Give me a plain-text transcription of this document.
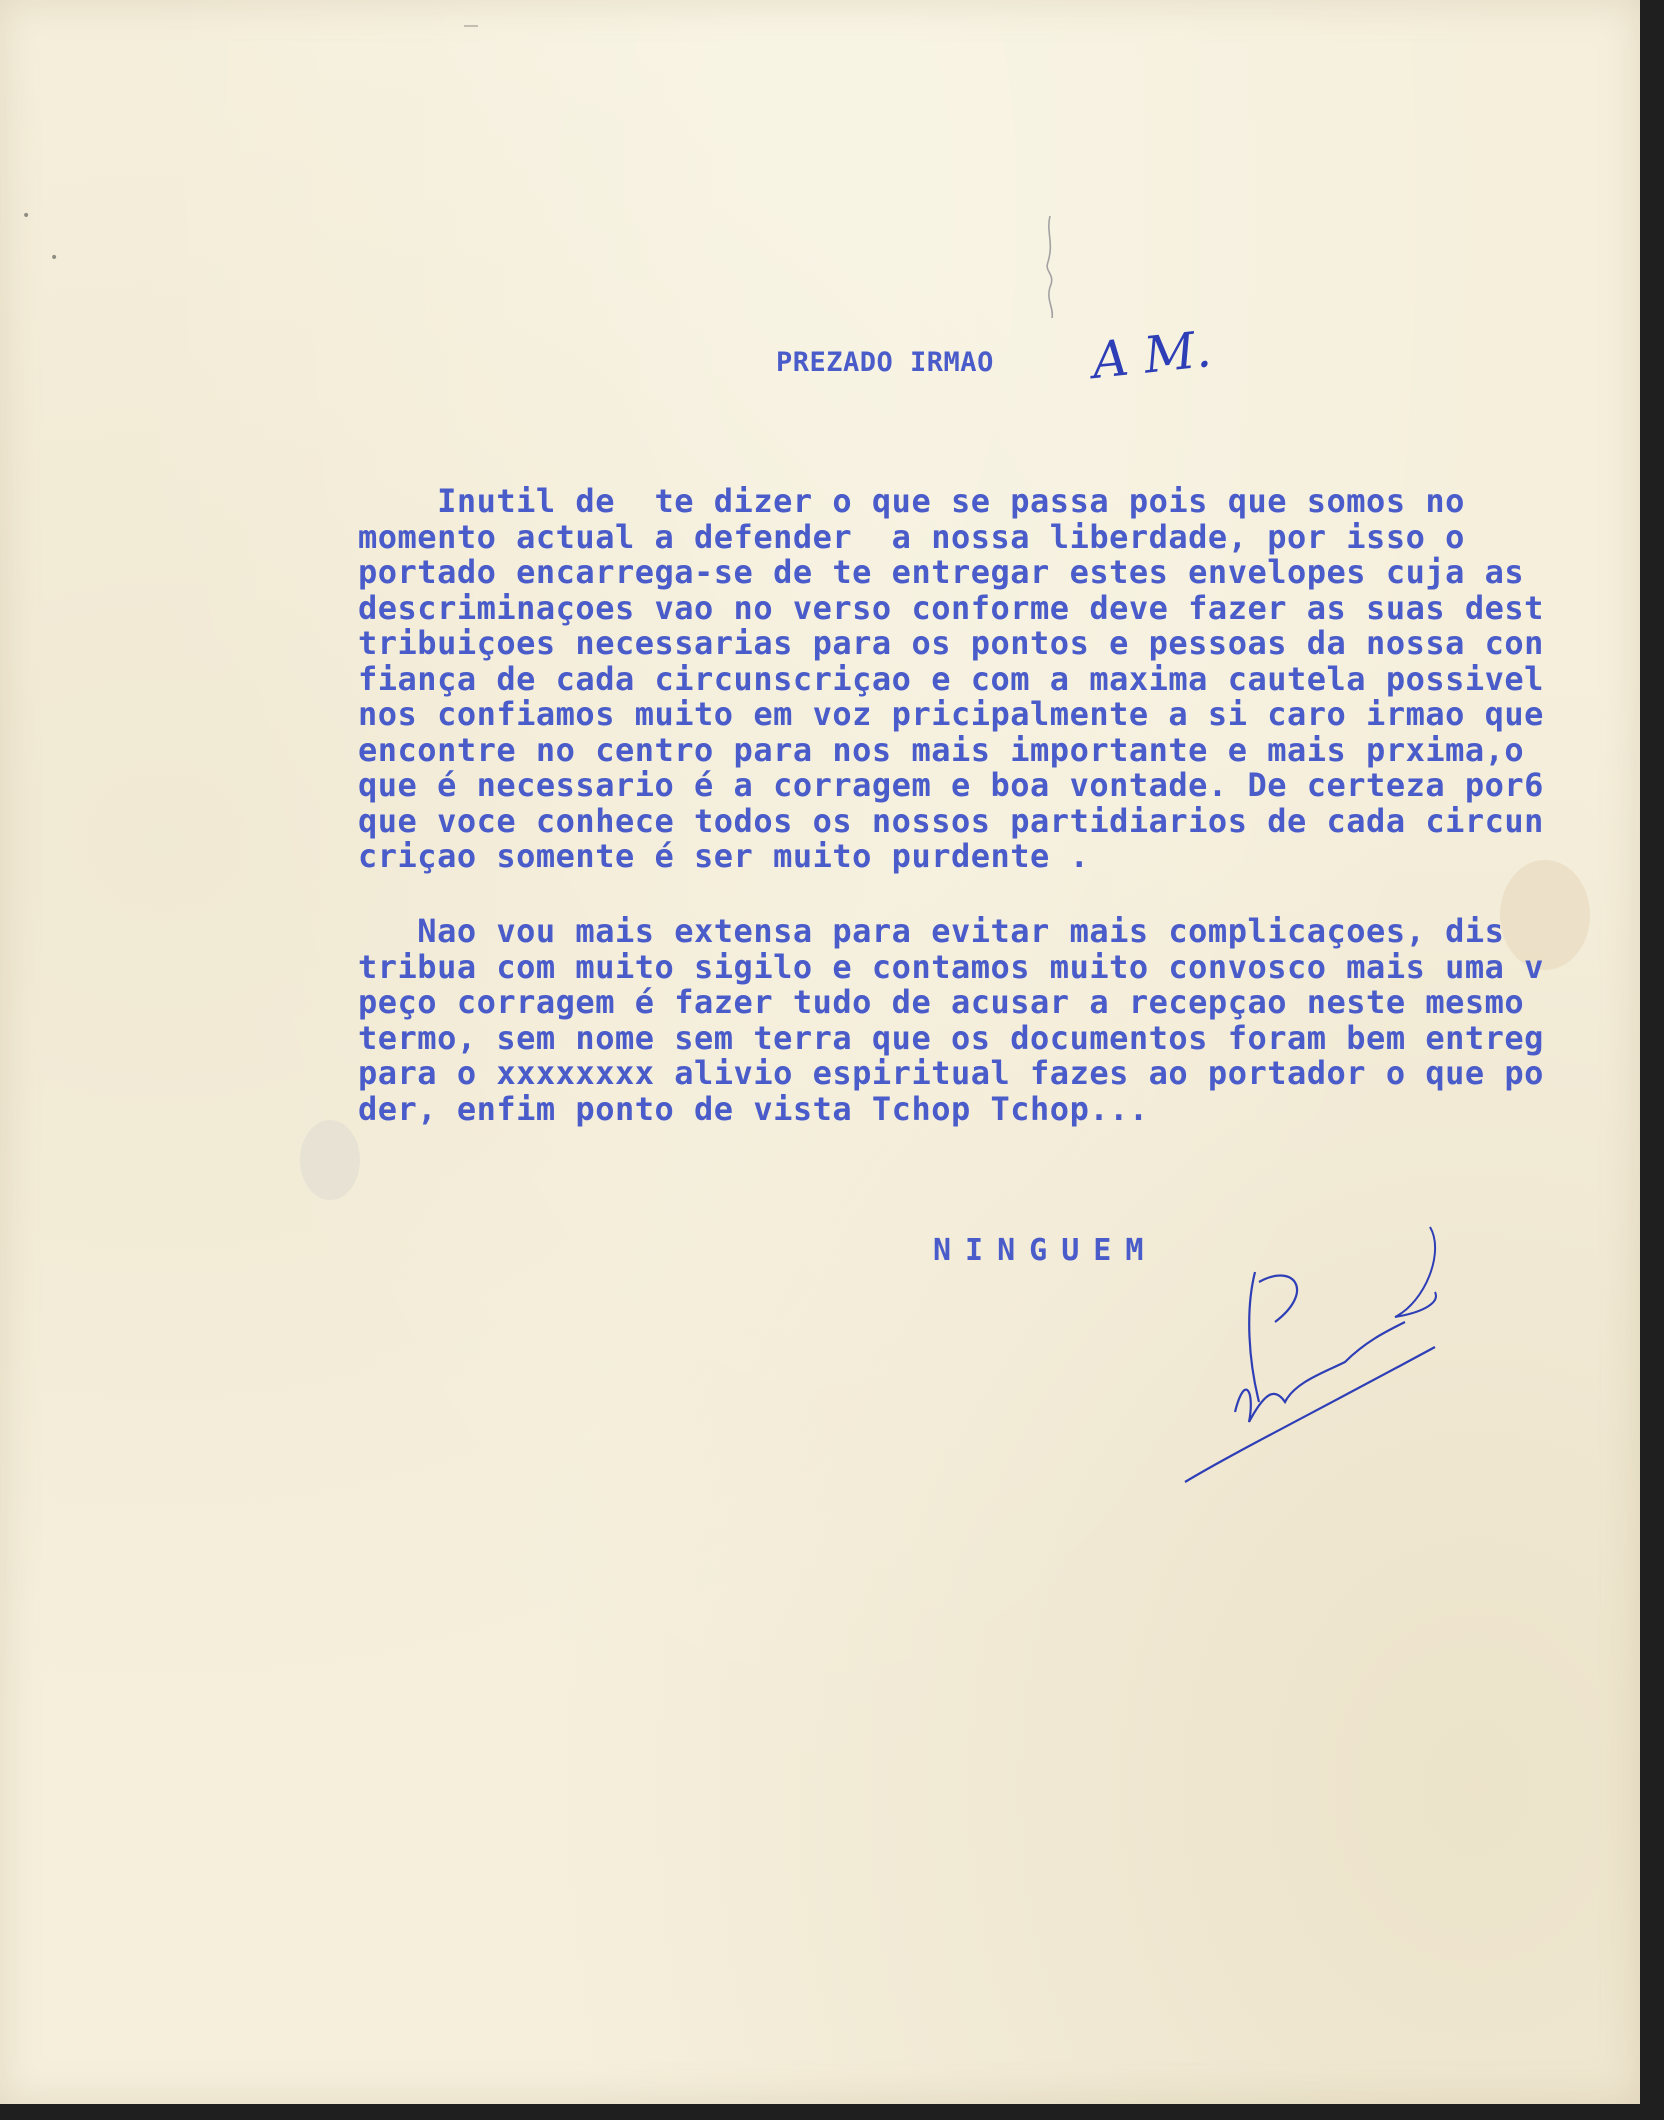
•
•
―
PREZADO IRMAO A M.
Inutil de  te dizer o que se passa pois que somos no
momento actual a defender  a nossa liberdade, por isso o
portado encarrega-se de te entregar estes envelopes cuja as
descriminaçoes vao no verso conforme deve fazer as suas dest
tribuiçoes necessarias para os pontos e pessoas da nossa con
fiança de cada circunscriçao e com a maxima cautela possivel
nos confiamos muito em voz pricipalmente a si caro irmao que
encontre no centro para nos mais importante e mais prxima,o
que é necessario é a corragem e boa vontade. De certeza por6
que voce conhece todos os nossos partidiarios de cada circun
criçao somente é ser muito purdente .
Nao vou mais extensa para evitar mais complicaçoes, dis
tribua com muito sigilo e contamos muito convosco mais uma v
peço corragem é fazer tudo de acusar a recepçao neste mesmo
termo, sem nome sem terra que os documentos foram bem entreg
para o xxxxxxxx alivio espiritual fazes ao portador o que po
der, enfim ponto de vista Tchop Tchop...
NINGUEM
